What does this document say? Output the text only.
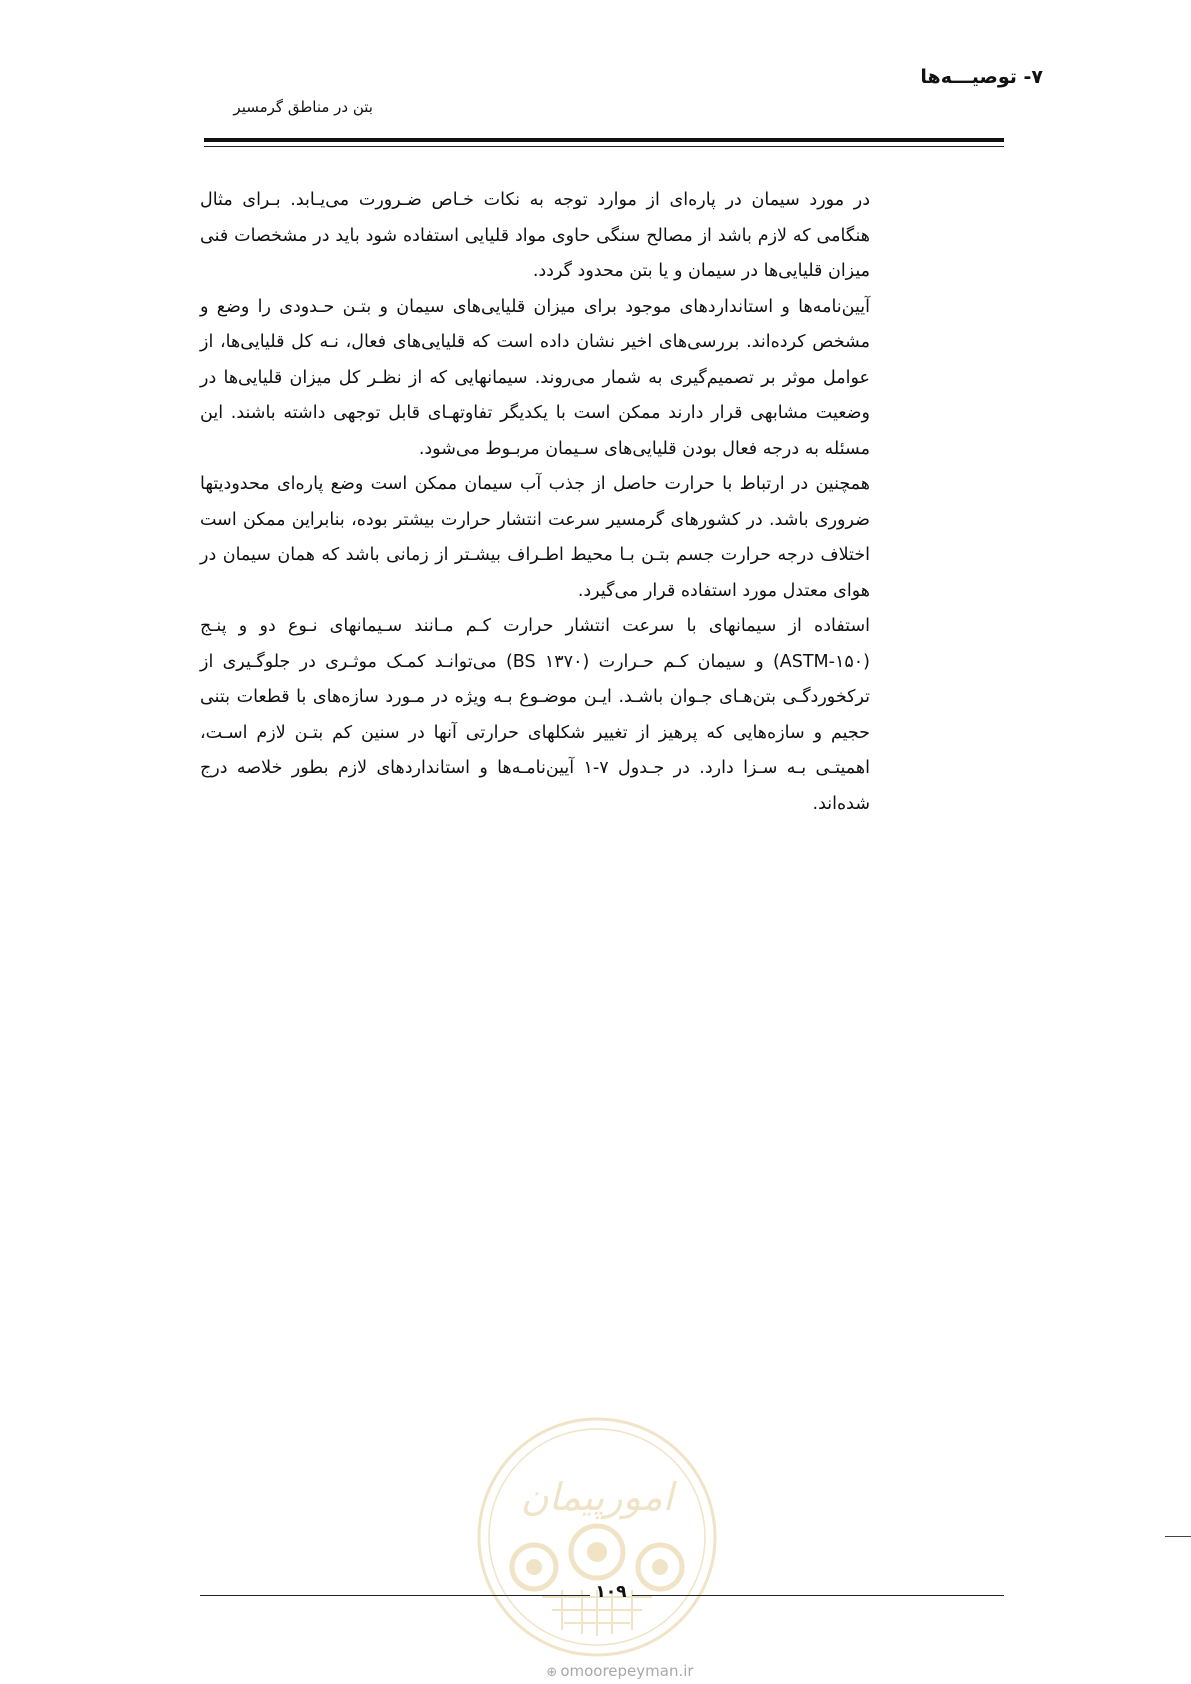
۷- توصیـــه‌ها
بتن در مناطق گرمسیر

در مورد سیمان در پاره‌ای از موارد توجه به نکات خـاص ضـرورت می‌یـابد. بـرای مثال هنگامی که لازم باشد از مصالح سنگی حاوی مواد قلیایی استفاده شود باید در مشخصات فنی میزان قلیایی‌ها در سیمان و یا بتن محدود گردد.

آیین‌نامه‌ها و استانداردهای موجود برای میزان قلیایی‌های سیمان و بتـن حـدودی را وضع و مشخص کرده‌اند. بررسی‌های اخیر نشان داده است که قلیایی‌های فعال، نـه کل قلیایی‌ها، از عوامل موثر بر تصمیم‌گیری به شمار می‌روند. سیمانهایی که از نظـر کل میزان قلیایی‌ها در وضعیت مشابهی قرار دارند ممکن است با یکدیگر تفاوتهـای قابل توجهی داشته باشند. این مسئله به درجه فعال بودن قلیایی‌های سـیمان مربـوط می‌شود.

همچنین در ارتباط با حرارت حاصل از جذب آب سیمان ممکن است وضع پاره‌ای محدودیتها ضروری باشد. در کشورهای گرمسیر سرعت انتشار حرارت بیشتر بوده، بنابراین ممکن است اختلاف درجه حرارت جسم بتـن بـا محیط اطـراف بیشـتر از زمانی باشد که همان سیمان در هوای معتدل مورد استفاده قرار می‌گیرد.

استفاده از سیمانهای با سرعت انتشار حرارت کـم مـانند سـیمانهای نـوع دو و پنـج (ASTM-۱۵۰) و سیمان کـم حـرارت (BS ۱۳۷۰) می‌توانـد کمـک موثـری در جلوگـیری از ترکخوردگـی بتن‌هـای جـوان باشـد. ایـن موضـوع بـه ویژه در مـورد سازه‌های با قطعات بتنی حجیم و سازه‌هایی که پرهیز از تغییر شکلهای حرارتی آنها در سنین کم بتـن لازم اسـت، اهمیتـی بـه سـزا دارد. در جـدول ۷-۱ آیین‌نامـه‌ها و استانداردهای لازم بطور خلاصه درج شده‌اند.

امورپیمان
۱۰۹
⊕ omoorepeyman.ir
